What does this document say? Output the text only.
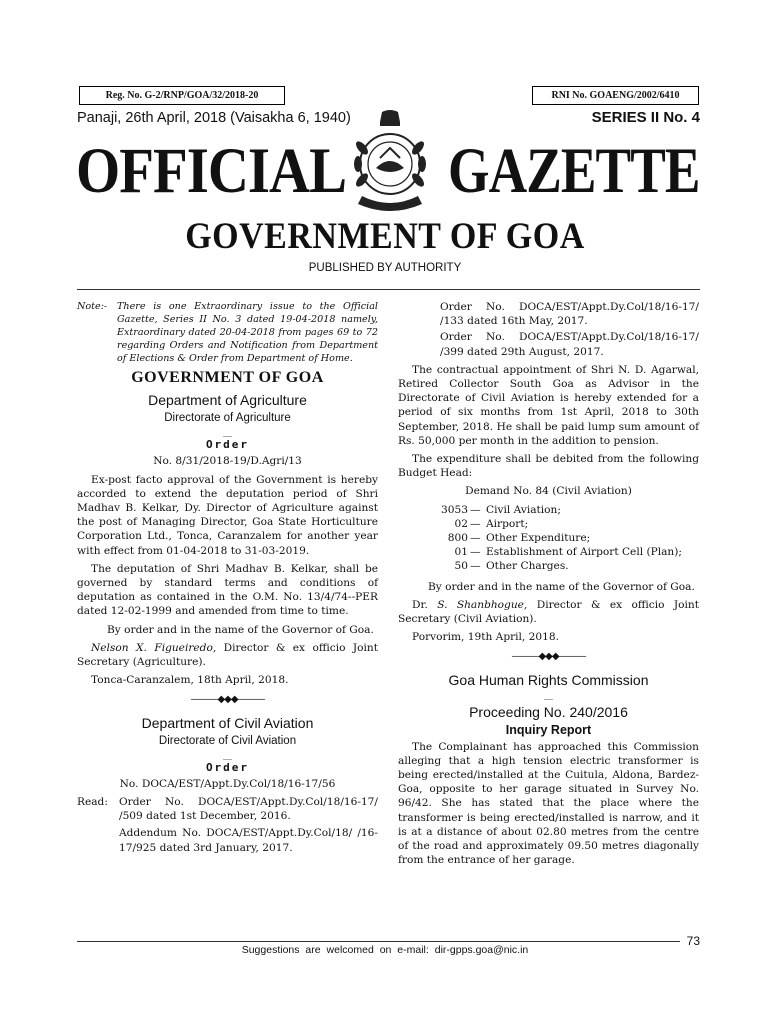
Reg. No. G-2/RNP/GOA/32/2018-20	RNI No. GOAENG/2002/6410
Panaji, 26th April, 2018 (Vaisakha 6, 1940)	SERIES II No. 4
OFFICIAL GAZETTE
GOVERNMENT OF GOA
PUBLISHED BY AUTHORITY
Note:-	There is one Extraordinary issue to the Official Gazette, Series II No. 3 dated 19-04-2018 namely, Extraordinary dated 20-04-2018 from pages 69 to 72 regarding Orders and Notification from Department of Elections & Order from Department of Home.
GOVERNMENT OF GOA
Department of Agriculture
Directorate of Agriculture
__
Order

No. 8/31/2018-19/D.Agri/13

Ex-post facto approval of the Government is hereby accorded to extend the deputation period of Shri Madhav B. Kelkar, Dy. Director of Agriculture against the post of Managing Director, Goa State Horticulture Corporation Ltd., Tonca, Caranzalem for another year with effect from 01-04-2018 to 31-03-2019.

The deputation of Shri Madhav B. Kelkar, shall be governed by standard terms and conditions of deputation as contained in the O.M. No. 13/4/74--PER dated 12-02-1999 and amended from time to time.

By order and in the name of the Governor of Goa.

Nelson X. Figueiredo, Director & ex officio Joint Secretary (Agriculture).

Tonca-Caranzalem, 18th April, 2018.

———◆◆◆———
Department of Civil Aviation
Directorate of Civil Aviation
__
Order

No. DOCA/EST/Appt.Dy.Col/18/16-17/56

Read:	Order No. DOCA/EST/Appt.Dy.Col/18/16-17/ /509 dated 1st December, 2016.
Addendum No. DOCA/EST/Appt.Dy.Col/18/ /16-17/925 dated 3rd January, 2017.
Order No. DOCA/EST/Appt.Dy.Col/18/16-17/ /133 dated 16th May, 2017.
Order No. DOCA/EST/Appt.Dy.Col/18/16-17/ /399 dated 29th August, 2017.

The contractual appointment of Shri N. D. Agarwal, Retired Collector South Goa as Advisor in the Directorate of Civil Aviation is hereby extended for a period of six months from 1st April, 2018 to 30th September, 2018. He shall be paid lump sum amount of Rs. 50,000 per month in the addition to pension.

The expenditure shall be debited from the following Budget Head:

Demand No. 84 (Civil Aviation)

3053 — Civil Aviation;
02 — Airport;
800 — Other Expenditure;
01 — Establishment of Airport Cell (Plan);
50 — Other Charges.

By order and in the name of the Governor of Goa.

Dr. S. Shanbhogue, Director & ex officio Joint Secretary (Civil Aviation).

Porvorim, 19th April, 2018.

———◆◆◆———
Goa Human Rights Commission
__
Proceeding No. 240/2016
Inquiry Report

The Complainant has approached this Commission alleging that a high tension electric transformer is being erected/installed at the Cuitula, Aldona, Bardez-Goa, opposite to her garage situated in Survey No. 96/42. She has stated that the place where the transformer is being erected/installed is narrow, and it is at a distance of about 02.80 metres from the centre of the road and approximately 09.50 metres diagonally from the entrance of her garage.

73
Suggestions are welcomed on e-mail: dir-gpps.goa@nic.in
